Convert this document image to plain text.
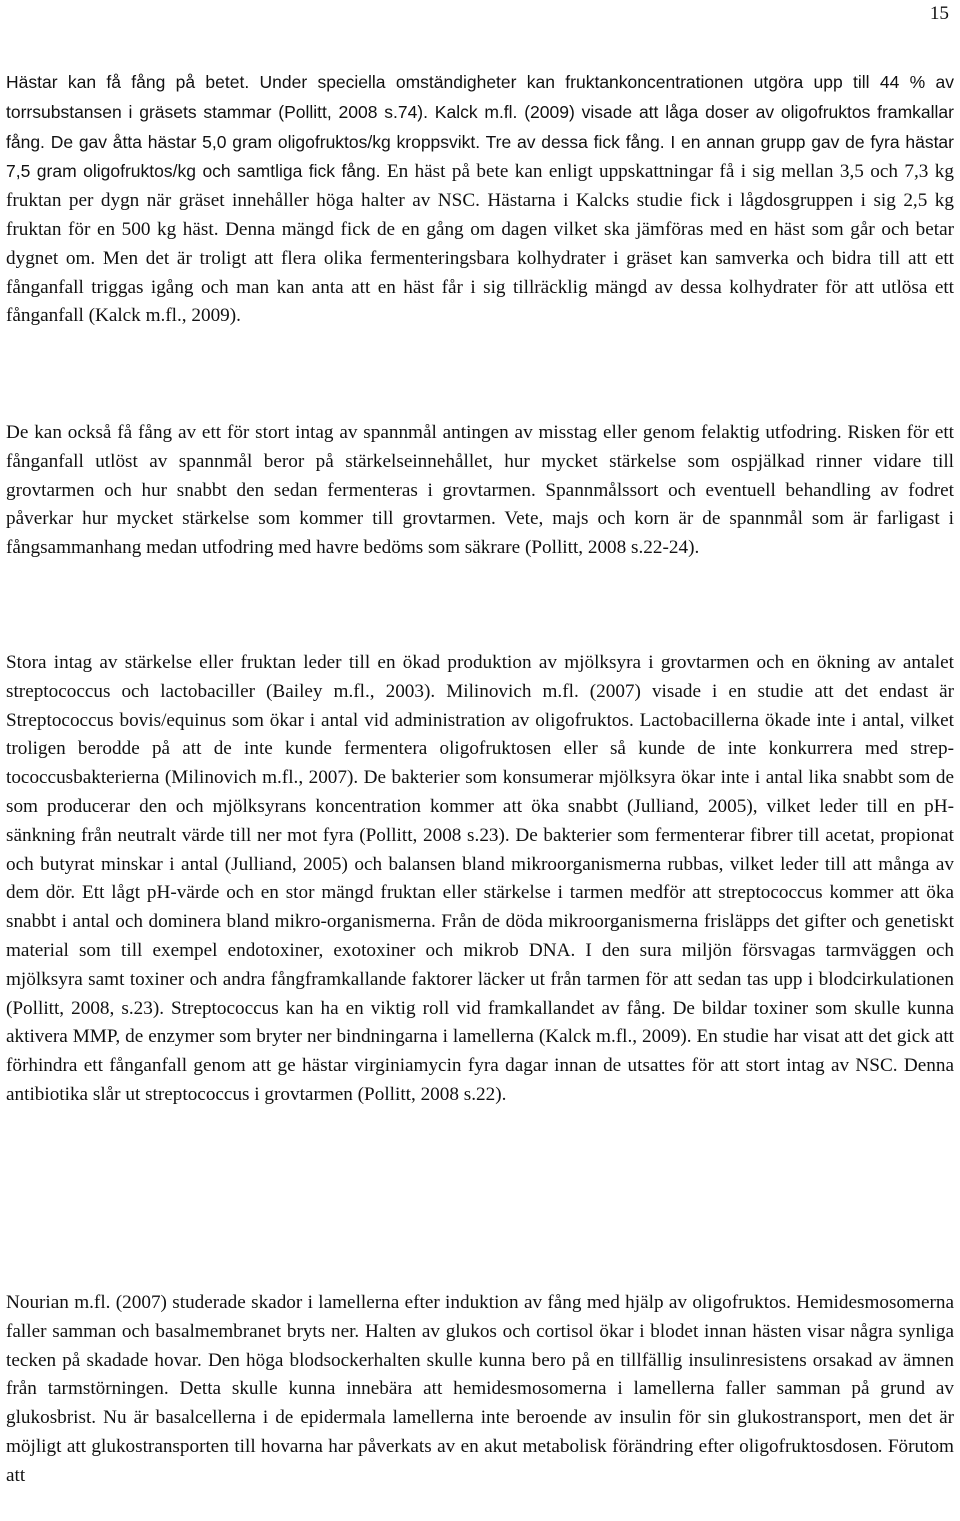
15

Hästar kan få fång på betet. Under speciella omständigheter kan fruktankoncentrationen utgöra upp till 44 % av torrsubstansen i gräsets stammar (Pollitt, 2008 s.74). Kalck m.fl. (2009) visade att låga doser av oligofruktos framkallar fång. De gav åtta hästar 5,0 gram oligofruktos/kg kroppsvikt. Tre av dessa fick fång. I en annan grupp gav de fyra hästar 7,5 gram oligofruktos/kg och samtliga fick fång. En häst på bete kan enligt uppskattningar få i sig mellan 3,5 och 7,3 kg fruktan per dygn när gräset innehåller höga halter av NSC. Hästarna i Kalcks studie fick i lågdosgruppen i sig 2,5 kg fruktan för en 500 kg häst. Denna mängd fick de en gång om dagen vilket ska jämföras med en häst som går och betar dygnet om. Men det är troligt att flera olika fermenteringsbara kolhydrater i gräset kan samverka och bidra till att ett fånganfall triggas igång och man kan anta att en häst får i sig tillräcklig mängd av dessa kolhydrater för att utlösa ett fånganfall (Kalck m.fl., 2009).

De kan också få fång av ett för stort intag av spannmål antingen av misstag eller genom felaktig utfodring. Risken för ett fånganfall utlöst av spannmål beror på stärkelseinnehållet, hur mycket stärkelse som ospjälkad rinner vidare till grovtarmen och hur snabbt den sedan fermenteras i grovtarmen. Spannmålssort och eventuell behandling av fodret påverkar hur mycket stärkelse som kommer till grovtarmen. Vete, majs och korn är de spannmål som är farligast i fångsammanhang medan utfodring med havre bedöms som säkrare (Pollitt, 2008 s.22-24).

Stora intag av stärkelse eller fruktan leder till en ökad produktion av mjölksyra i grovtarmen och en ökning av antalet streptococcus och lactobaciller (Bailey m.fl., 2003). Milinovich m.fl. (2007) visade i en studie att det endast är Streptococcus bovis/equinus som ökar i antal vid administration av oligofruktos. Lactobacillerna ökade inte i antal, vilket troligen berodde på att de inte kunde fermentera oligofruktosen eller så kunde de inte konkurrera med strep-tococcusbakterierna (Milinovich m.fl., 2007). De bakterier som konsumerar mjölksyra ökar inte i antal lika snabbt som de som producerar den och mjölksyrans koncentration kommer att öka snabbt (Julliand, 2005), vilket leder till en pH-sänkning från neutralt värde till ner mot fyra (Pollitt, 2008 s.23). De bakterier som fermenterar fibrer till acetat, propionat och butyrat minskar i antal (Julliand, 2005) och balansen bland mikroorganismerna rubbas, vilket leder till att många av dem dör. Ett lågt pH-värde och en stor mängd fruktan eller stärkelse i tarmen medför att streptococcus kommer att öka snabbt i antal och dominera bland mikro-organismerna. Från de döda mikroorganismerna frisläpps det gifter och genetiskt material som till exempel endotoxiner, exotoxiner och mikrob DNA. I den sura miljön försvagas tarmväggen och mjölksyra samt toxiner och andra fångframkallande faktorer läcker ut från tarmen för att sedan tas upp i blodcirkulationen (Pollitt, 2008, s.23). Streptococcus kan ha en viktig roll vid framkallandet av fång. De bildar toxiner som skulle kunna aktivera MMP, de enzymer som bryter ner bindningarna i lamellerna (Kalck m.fl., 2009). En studie har visat att det gick att förhindra ett fånganfall genom att ge hästar virginiamycin fyra dagar innan de utsattes för att stort intag av NSC. Denna antibiotika slår ut streptococcus i grovtarmen (Pollitt, 2008 s.22).

Nourian m.fl. (2007) studerade skador i lamellerna efter induktion av fång med hjälp av oligofruktos. Hemidesmosomerna faller samman och basalmembranet bryts ner. Halten av glukos och cortisol ökar i blodet innan hästen visar några synliga tecken på skadade hovar. Den höga blodsockerhalten skulle kunna bero på en tillfällig insulinresistens orsakad av ämnen från tarmstörningen. Detta skulle kunna innebära att hemidesmosomerna i lamellerna faller samman på grund av glukosbrist. Nu är basalcellerna i de epidermala lamellerna inte beroende av insulin för sin glukostransport, men det är möjligt att glukostransporten till hovarna har påverkats av en akut metabolisk förändring efter oligofruktosdosen. Förutom att
